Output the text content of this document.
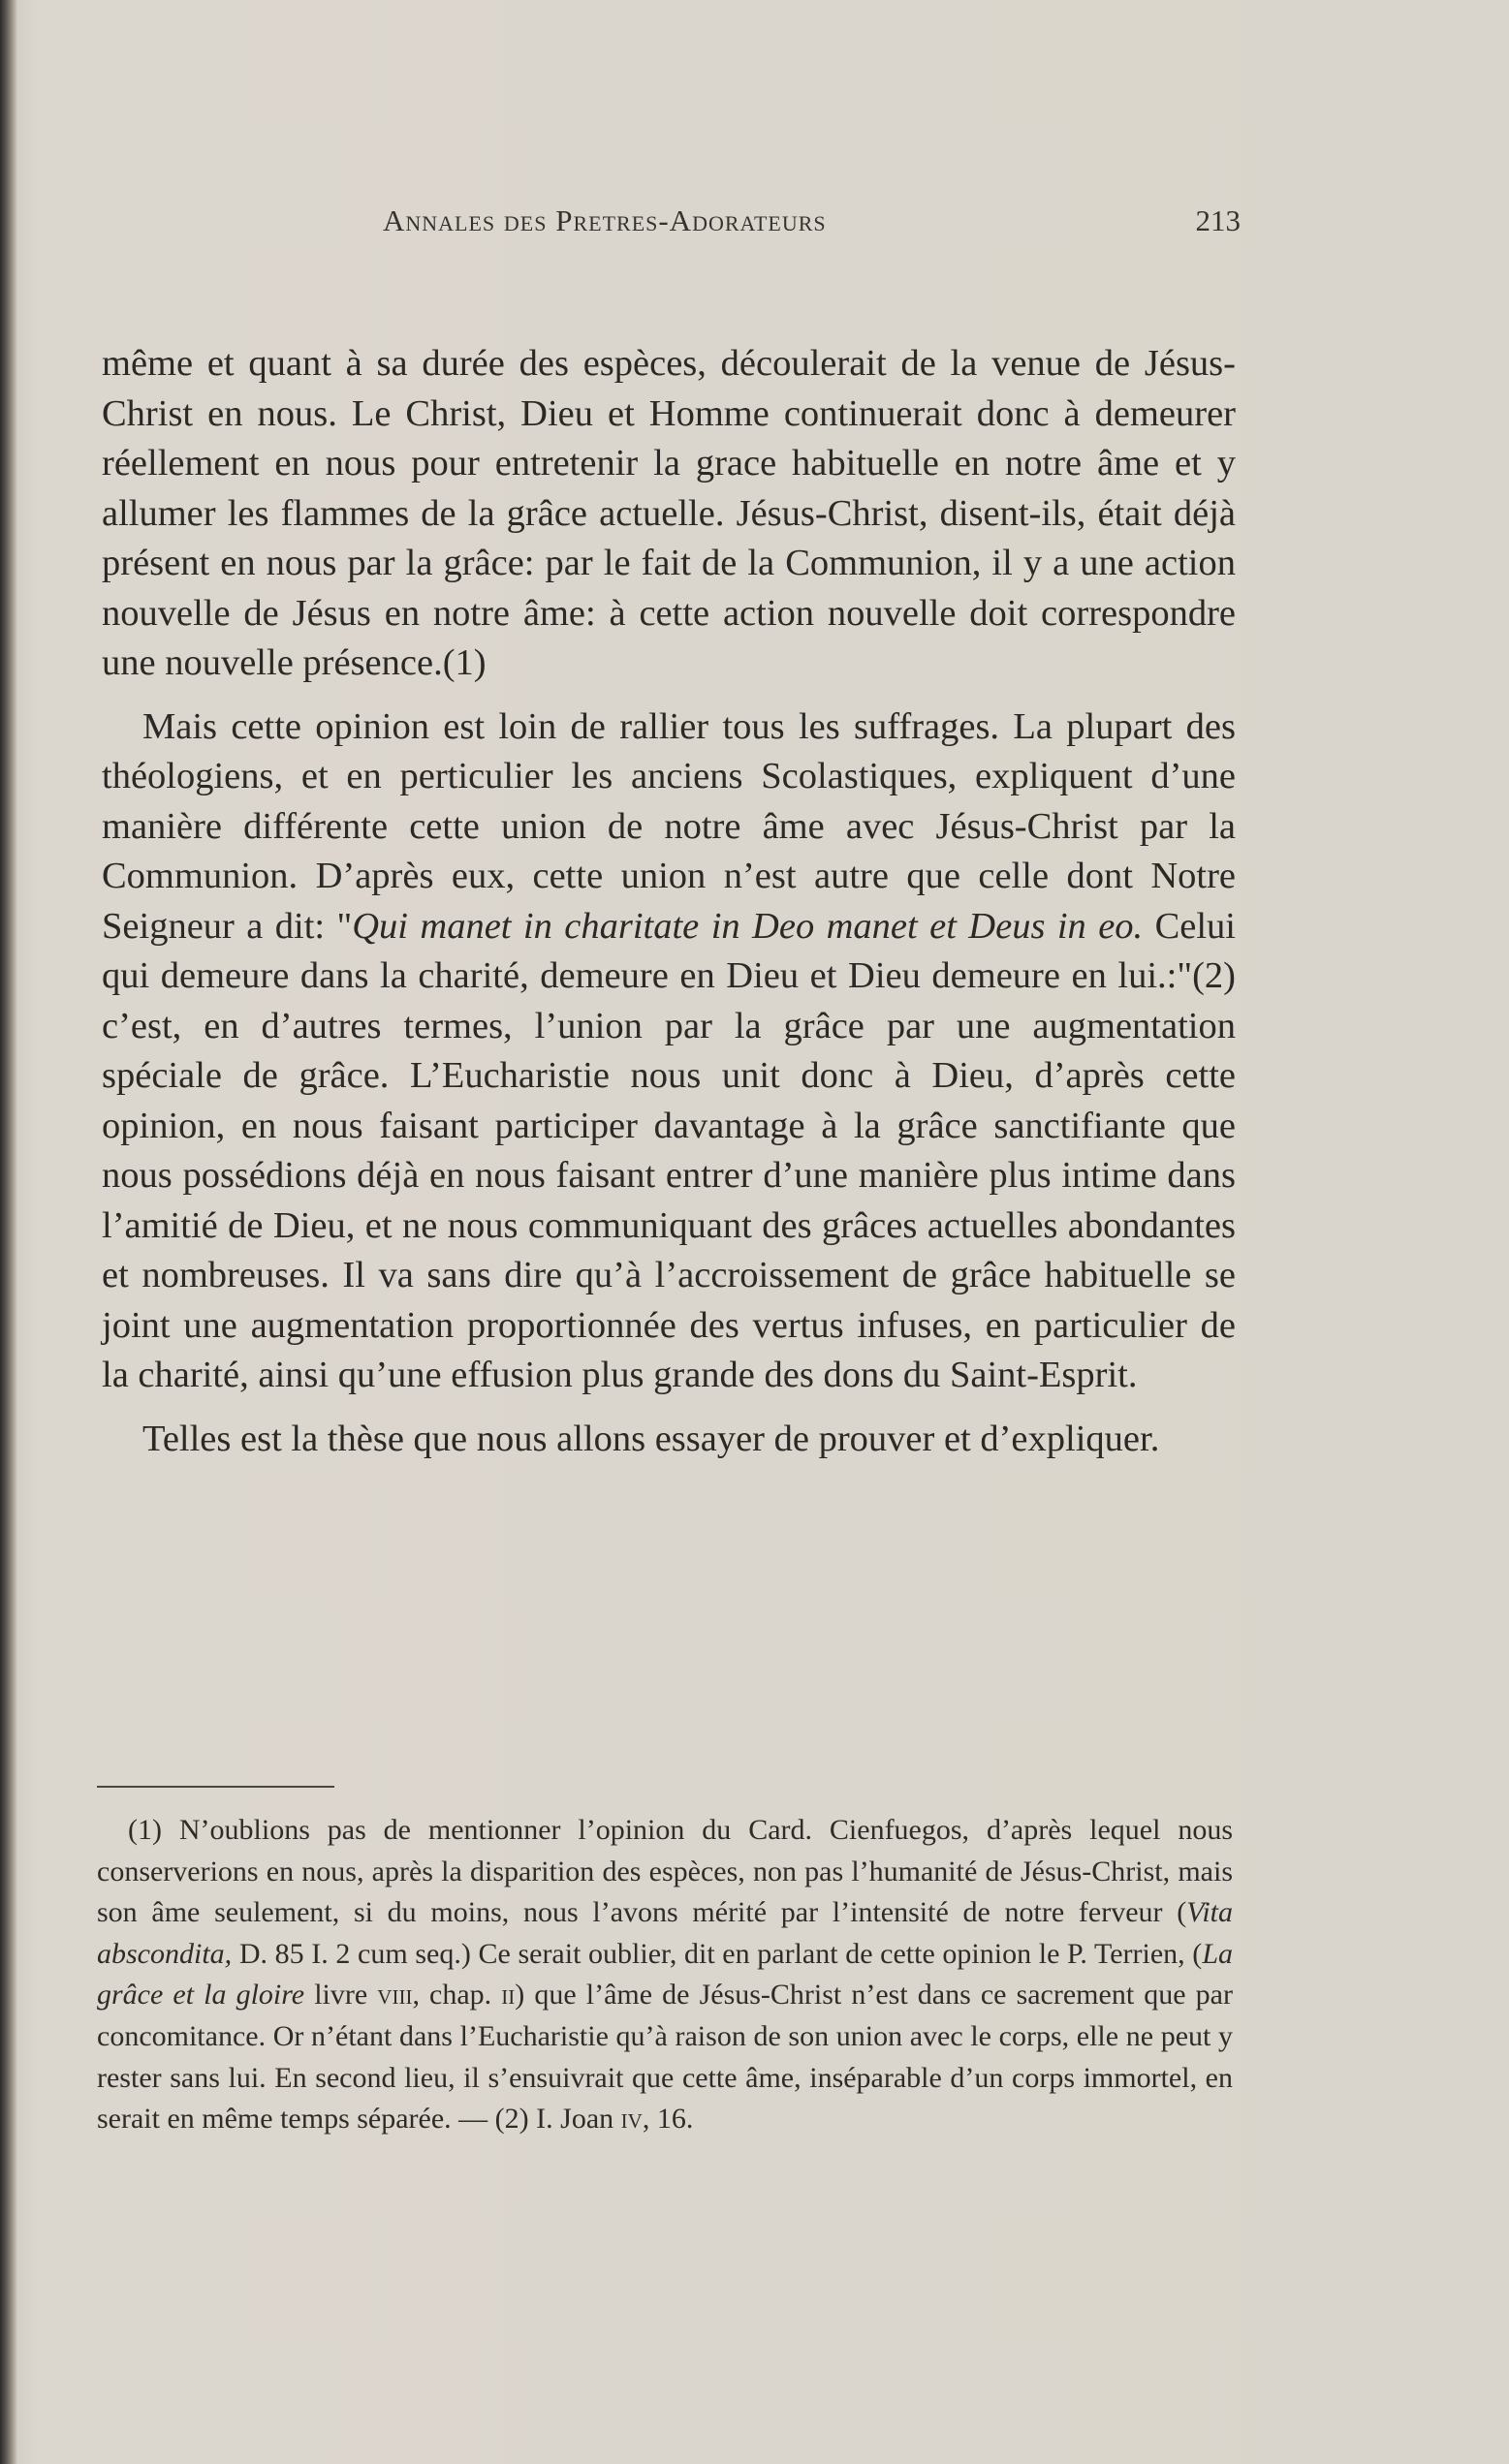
Annales des Pretres-Adorateurs	213

même et quant à sa durée des espèces, découlerait de la venue de Jésus-Christ en nous. Le Christ, Dieu et Homme continuerait donc à demeurer réellement en nous pour entretenir la grace habituelle en notre âme et y allumer les flammes de la grâce actuelle. Jésus-Christ, disent-ils, était déjà présent en nous par la grâce: par le fait de la Communion, il y a une action nouvelle de Jésus en notre âme: à cette action nouvelle doit correspondre une nouvelle présence.(1)

Mais cette opinion est loin de rallier tous les suffrages. La plupart des théologiens, et en perticulier les anciens Scolastiques, expliquent d’une manière différente cette union de notre âme avec Jésus-Christ par la Communion. D’après eux, cette union n’est autre que celle dont Notre Seigneur a dit: "Qui manet in charitate in Deo manet et Deus in eo. Celui qui demeure dans la charité, demeure en Dieu et Dieu demeure en lui.:"(2) c’est, en d’autres termes, l’union par la grâce par une augmentation spéciale de grâce. L’Eucharistie nous unit donc à Dieu, d’après cette opinion, en nous faisant participer davantage à la grâce sanctifiante que nous possédions déjà en nous faisant entrer d’une manière plus intime dans l’amitié de Dieu, et ne nous communiquant des grâces actuelles abondantes et nombreuses. Il va sans dire qu’à l’accroissement de grâce habituelle se joint une augmentation proportionnée des vertus infuses, en particulier de la charité, ainsi qu’une effusion plus grande des dons du Saint-Esprit.

Telles est la thèse que nous allons essayer de prouver et d’expliquer.

(1) N’oublions pas de mentionner l’opinion du Card. Cienfuegos, d’après lequel nous conserverions en nous, après la disparition des espèces, non pas l’humanité de Jésus-Christ, mais son âme seulement, si du moins, nous l’avons mérité par l’intensité de notre ferveur (Vita abscondita, D. 85 I. 2 cum seq.) Ce serait oublier, dit en parlant de cette opinion le P. Terrien, (La grâce et la gloire livre viii, chap. ii) que l’âme de Jésus-Christ n’est dans ce sacrement que par concomitance. Or n’étant dans l’Eucharistie qu’à raison de son union avec le corps, elle ne peut y rester sans lui. En second lieu, il s’ensuivrait que cette âme, inséparable d’un corps immortel, en serait en même temps séparée. — (2) I. Joan iv, 16.
